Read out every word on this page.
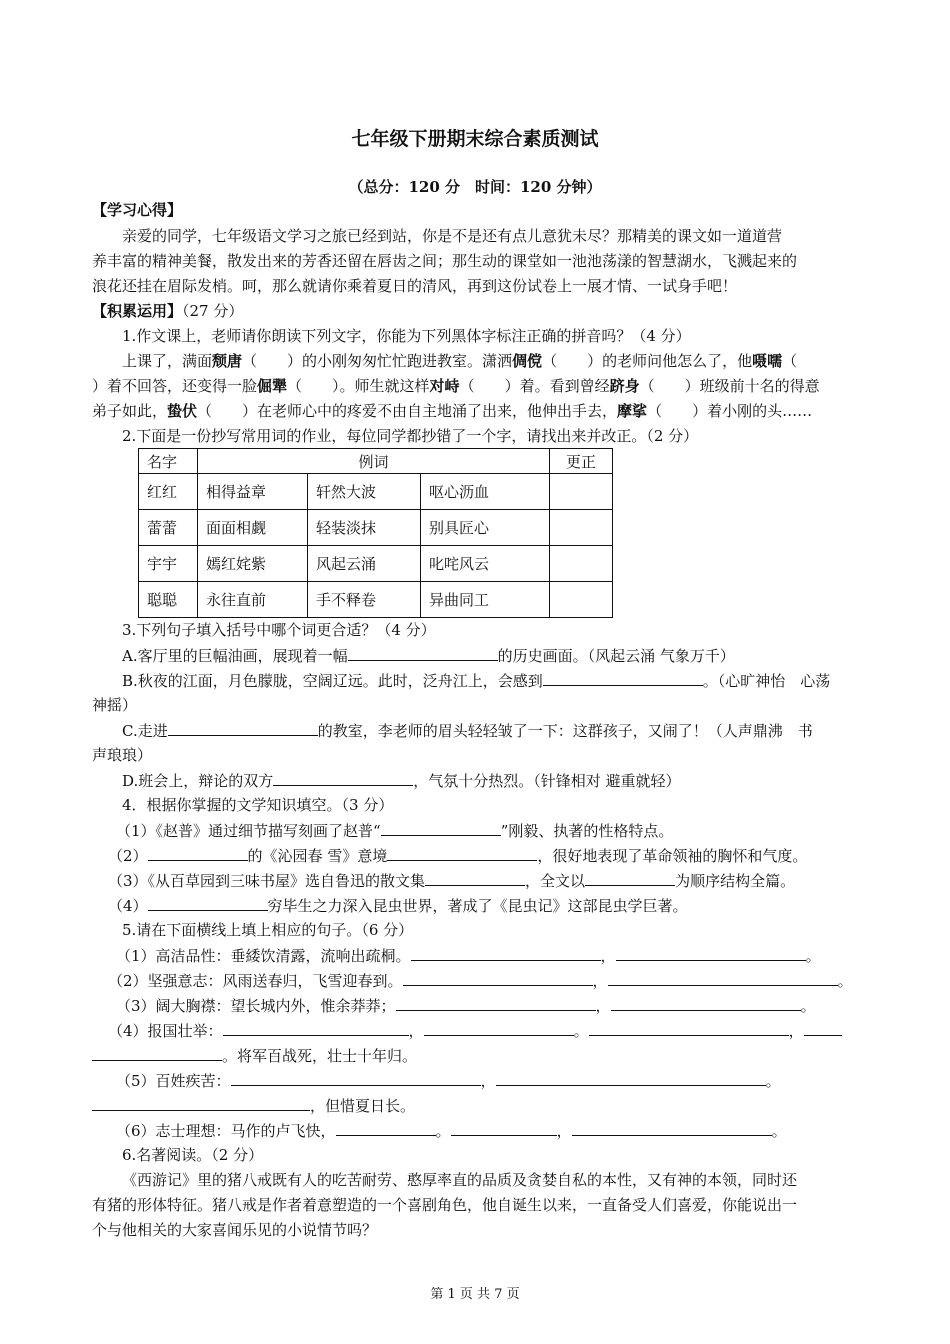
七年级下册期末综合素质测试
（总分：120 分　时间：120 分钟）
【学习心得】
亲爱的同学，七年级语文学习之旅已经到站，你是不是还有点儿意犹未尽？那精美的课文如一道道营
养丰富的精神美餐，散发出来的芳香还留在唇齿之间；那生动的课堂如一池池荡漾的智慧湖水，飞溅起来的
浪花还挂在眉际发梢。呵，那么就请你乘着夏日的清风，再到这份试卷上一展才情、一试身手吧！
【积累运用】（27 分）
1.作文课上，老师请你朗读下列文字，你能为下列黑体字标注正确的拼音吗？（4 分）
上课了，满面颓唐（　　）的小刚匆匆忙忙跑进教室。潇洒倜傥（　　）的老师问他怎么了，他嗫嚅（
）着不回答，还变得一脸倔犟（　　）。师生就这样对峙（　　）着。看到曾经跻身（　　）班级前十名的得意
弟子如此，蛰伏（　　）在老师心中的疼爱不由自主地涌了出来，他伸出手去，摩挲（　　）着小刚的头……
2.下面是一份抄写常用词的作业，每位同学都抄错了一个字，请找出来并改正。（2 分）
名字	例词			更正
红红	相得益章	轩然大波	呕心沥血	
蕾蕾	面面相觑	轻装淡抹	别具匠心	
宇宇	嫣红姹紫	风起云涌	叱咤风云	
聪聪	永往直前	手不释卷	异曲同工	
3.下列句子填入括号中哪个词更合适？（4 分）
A.客厅里的巨幅油画，展现着一幅	的历史画面。（风起云涌 气象万千）
B.秋夜的江面，月色朦胧，空阔辽远。此时，泛舟江上，会感到	。（心旷神怡　心荡
神摇）
C.走进	的教室，李老师的眉头轻轻皱了一下：这群孩子，又闹了！（人声鼎沸　书
声琅琅）
D.班会上，辩论的双方	，气氛十分热烈。（针锋相对 避重就轻）
4．根据你掌握的文学知识填空。（3 分）
（1）《赵普》通过细节描写刻画了赵普“	”刚毅、执著的性格特点。
（2）	的《沁园春 雪》意境	，很好地表现了革命领袖的胸怀和气度。
（3）《从百草园到三味书屋》选自鲁迅的散文集	，全文以	为顺序结构全篇。
（4）	穷毕生之力深入昆虫世界，著成了《昆虫记》这部昆虫学巨著。
5.请在下面横线上填上相应的句子。（6 分）
（1）高洁品性：垂緌饮清露，流响出疏桐。	，	。
（2）坚强意志：风雨送春归，飞雪迎春到。	，	。
（3）阔大胸襟：望长城内外，惟余莽莽；	，	。
（4）报国壮举：	，	。	，
。将军百战死，壮士十年归。
（5）百姓疾苦：	，	。
，但惜夏日长。
（6）志士理想：马作的卢飞快，	。	，	。
6.名著阅读。（2 分）
《西游记》里的猪八戒既有人的吃苦耐劳、憨厚率直的品质及贪婪自私的本性，又有神的本领，同时还
有猪的形体特征。猪八戒是作者着意塑造的一个喜剧角色，他自诞生以来，一直备受人们喜爱，你能说出一
个与他相关的大家喜闻乐见的小说情节吗？
第 1 页 共 7 页
